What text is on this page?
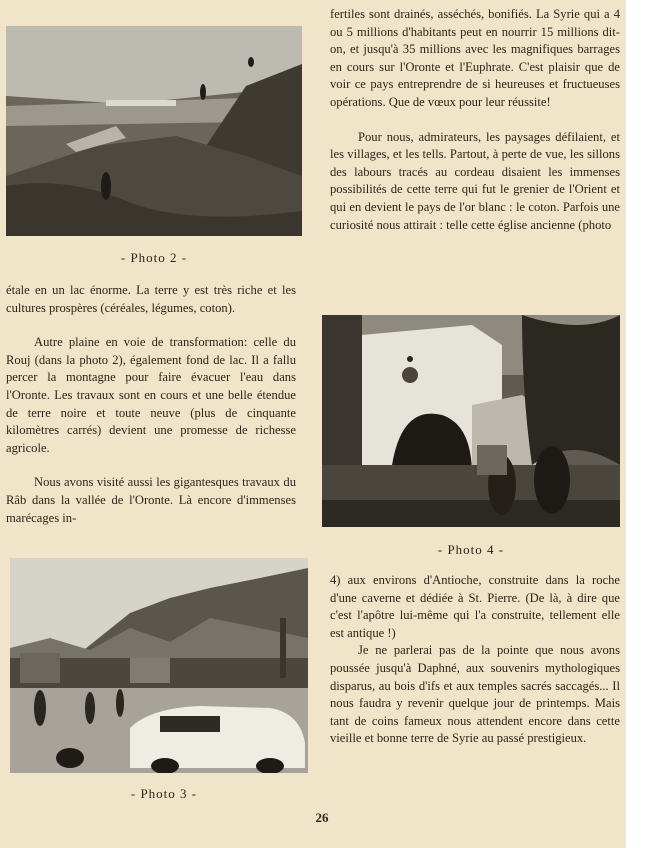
- Photo 2 -

étale en un lac énorme. La terre y est très riche et les cultures prospères (céréales, légumes, coton).

Autre plaine en voie de transformation: celle du Rouj (dans la photo 2), également fond de lac. Il a fallu percer la montagne pour faire évacuer l'eau dans l'Oronte. Les travaux sont en cours et une belle étendue de terre noire et toute neuve (plus de cinquante kilomètres carrés) devient une promesse de richesse agricole.

Nous avons visité aussi les gigantesques travaux du Râb dans la vallée de l'Oronte. Là encore d'immenses marécages in-

- Photo 3 -

fertiles sont drainés, asséchés, bonifiés. La Syrie qui a 4 ou 5 millions d'habitants peut en nourrir 15 millions dit-on, et jusqu'à 35 millions avec les magnifiques barrages en cours sur l'Oronte et l'Euphrate. C'est plaisir que de voir ce pays entreprendre de si heureuses et fructueuses opérations. Que de vœux pour leur réussite!

Pour nous, admirateurs, les paysages défilaient, et les villages, et les tells. Partout, à perte de vue, les sillons des labours tracés au cordeau disaient les immenses possibilités de cette terre qui fut le grenier de l'Orient et qui en devient le pays de l'or blanc : le coton. Parfois une curiosité nous attirait : telle cette église ancienne (photo

- Photo 4 -

4) aux environs d'Antioche, construite dans la roche d'une caverne et dédiée à St. Pierre. (De là, à dire que c'est l'apôtre lui-même qui l'a construite, tellement elle est antique !)

Je ne parlerai pas de la pointe que nous avons poussée jusqu'à Daphné, aux souvenirs mythologiques disparus, au bois d'ifs et aux temples sacrés saccagés... Il nous faudra y revenir quelque jour de printemps. Mais tant de coins fameux nous attendent encore dans cette vieille et bonne terre de Syrie au passé prestigieux.

26
